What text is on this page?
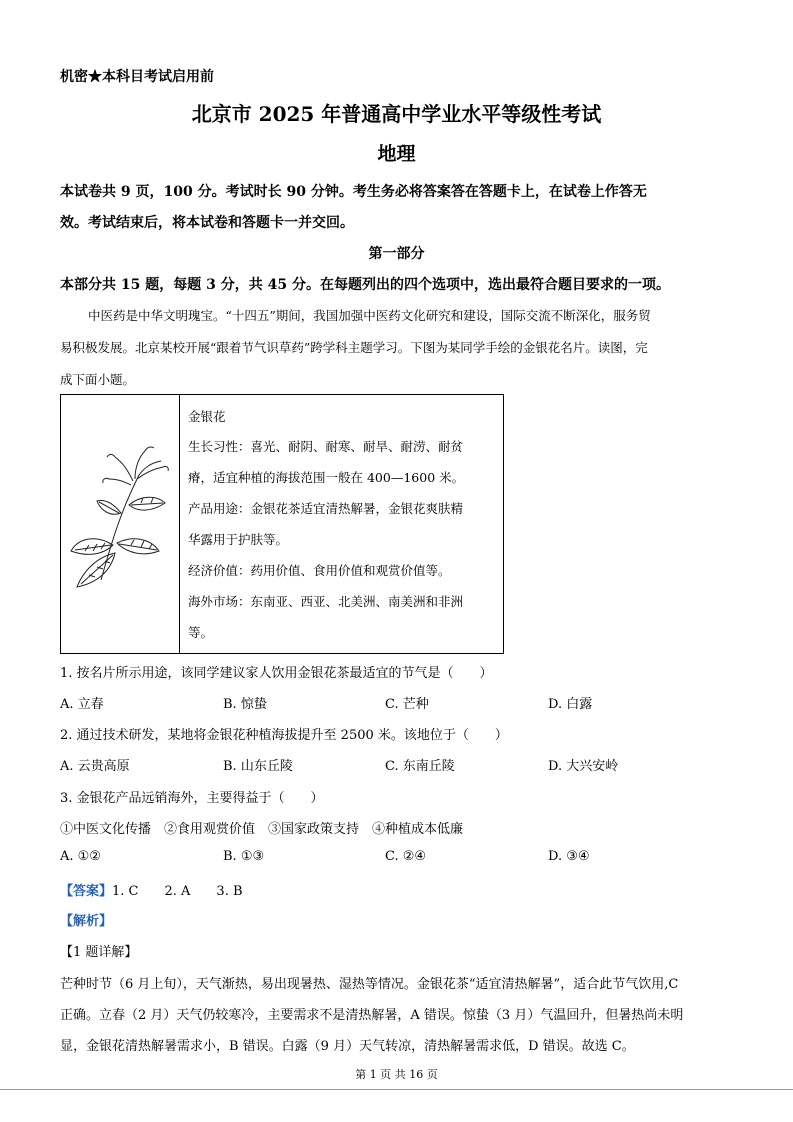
机密★本科目考试启用前
北京市 2025 年普通高中学业水平等级性考试
地理
本试卷共 9 页，100 分。考试时长 90 分钟。考生务必将答案答在答题卡上，在试卷上作答无
效。考试结束后，将本试卷和答题卡一并交回。
第一部分
本部分共 15 题，每题 3 分，共 45 分。在每题列出的四个选项中，选出最符合题目要求的一项。
中医药是中华文明瑰宝。“十四五”期间，我国加强中医药文化研究和建设，国际交流不断深化，服务贸
易积极发展。北京某校开展“跟着节气识草药”跨学科主题学习。下图为某同学手绘的金银花名片。读图，完
成下面小题。
金银花
生长习性：喜光、耐阴、耐寒、耐旱、耐涝、耐贫
瘠，适宜种植的海拔范围一般在 400—1600 米。
产品用途：金银花茶适宜清热解暑，金银花爽肤精
华露用于护肤等。
经济价值：药用价值、食用价值和观赏价值等。
海外市场：东南亚、西亚、北美洲、南美洲和非洲
等。
1. 按名片所示用途，该同学建议家人饮用金银花茶最适宜的节气是（　　）
A. 立春	B. 惊蛰	C. 芒种	D. 白露
2. 通过技术研发，某地将金银花种植海拔提升至 2500 米。该地位于（　　）
A. 云贵高原	B. 山东丘陵	C. 东南丘陵	D. 大兴安岭
3. 金银花产品远销海外，主要得益于（　　）
①中医文化传播　②食用观赏价值　③国家政策支持　④种植成本低廉
A. ①②	B. ①③	C. ②④	D. ③④
【答案】1. C　　2. A　　3. B
【解析】
【1 题详解】
芒种时节（6 月上旬），天气渐热，易出现暑热、湿热等情况。金银花茶“适宜清热解暑”，适合此节气饮用,C
正确。立春（2 月）天气仍较寒冷，主要需求不是清热解暑，A 错误。惊蛰（3 月）气温回升，但暑热尚未明
显，金银花清热解暑需求小，B 错误。白露（9 月）天气转凉，清热解暑需求低，D 错误。故选 C。
第 1 页 共 16 页
